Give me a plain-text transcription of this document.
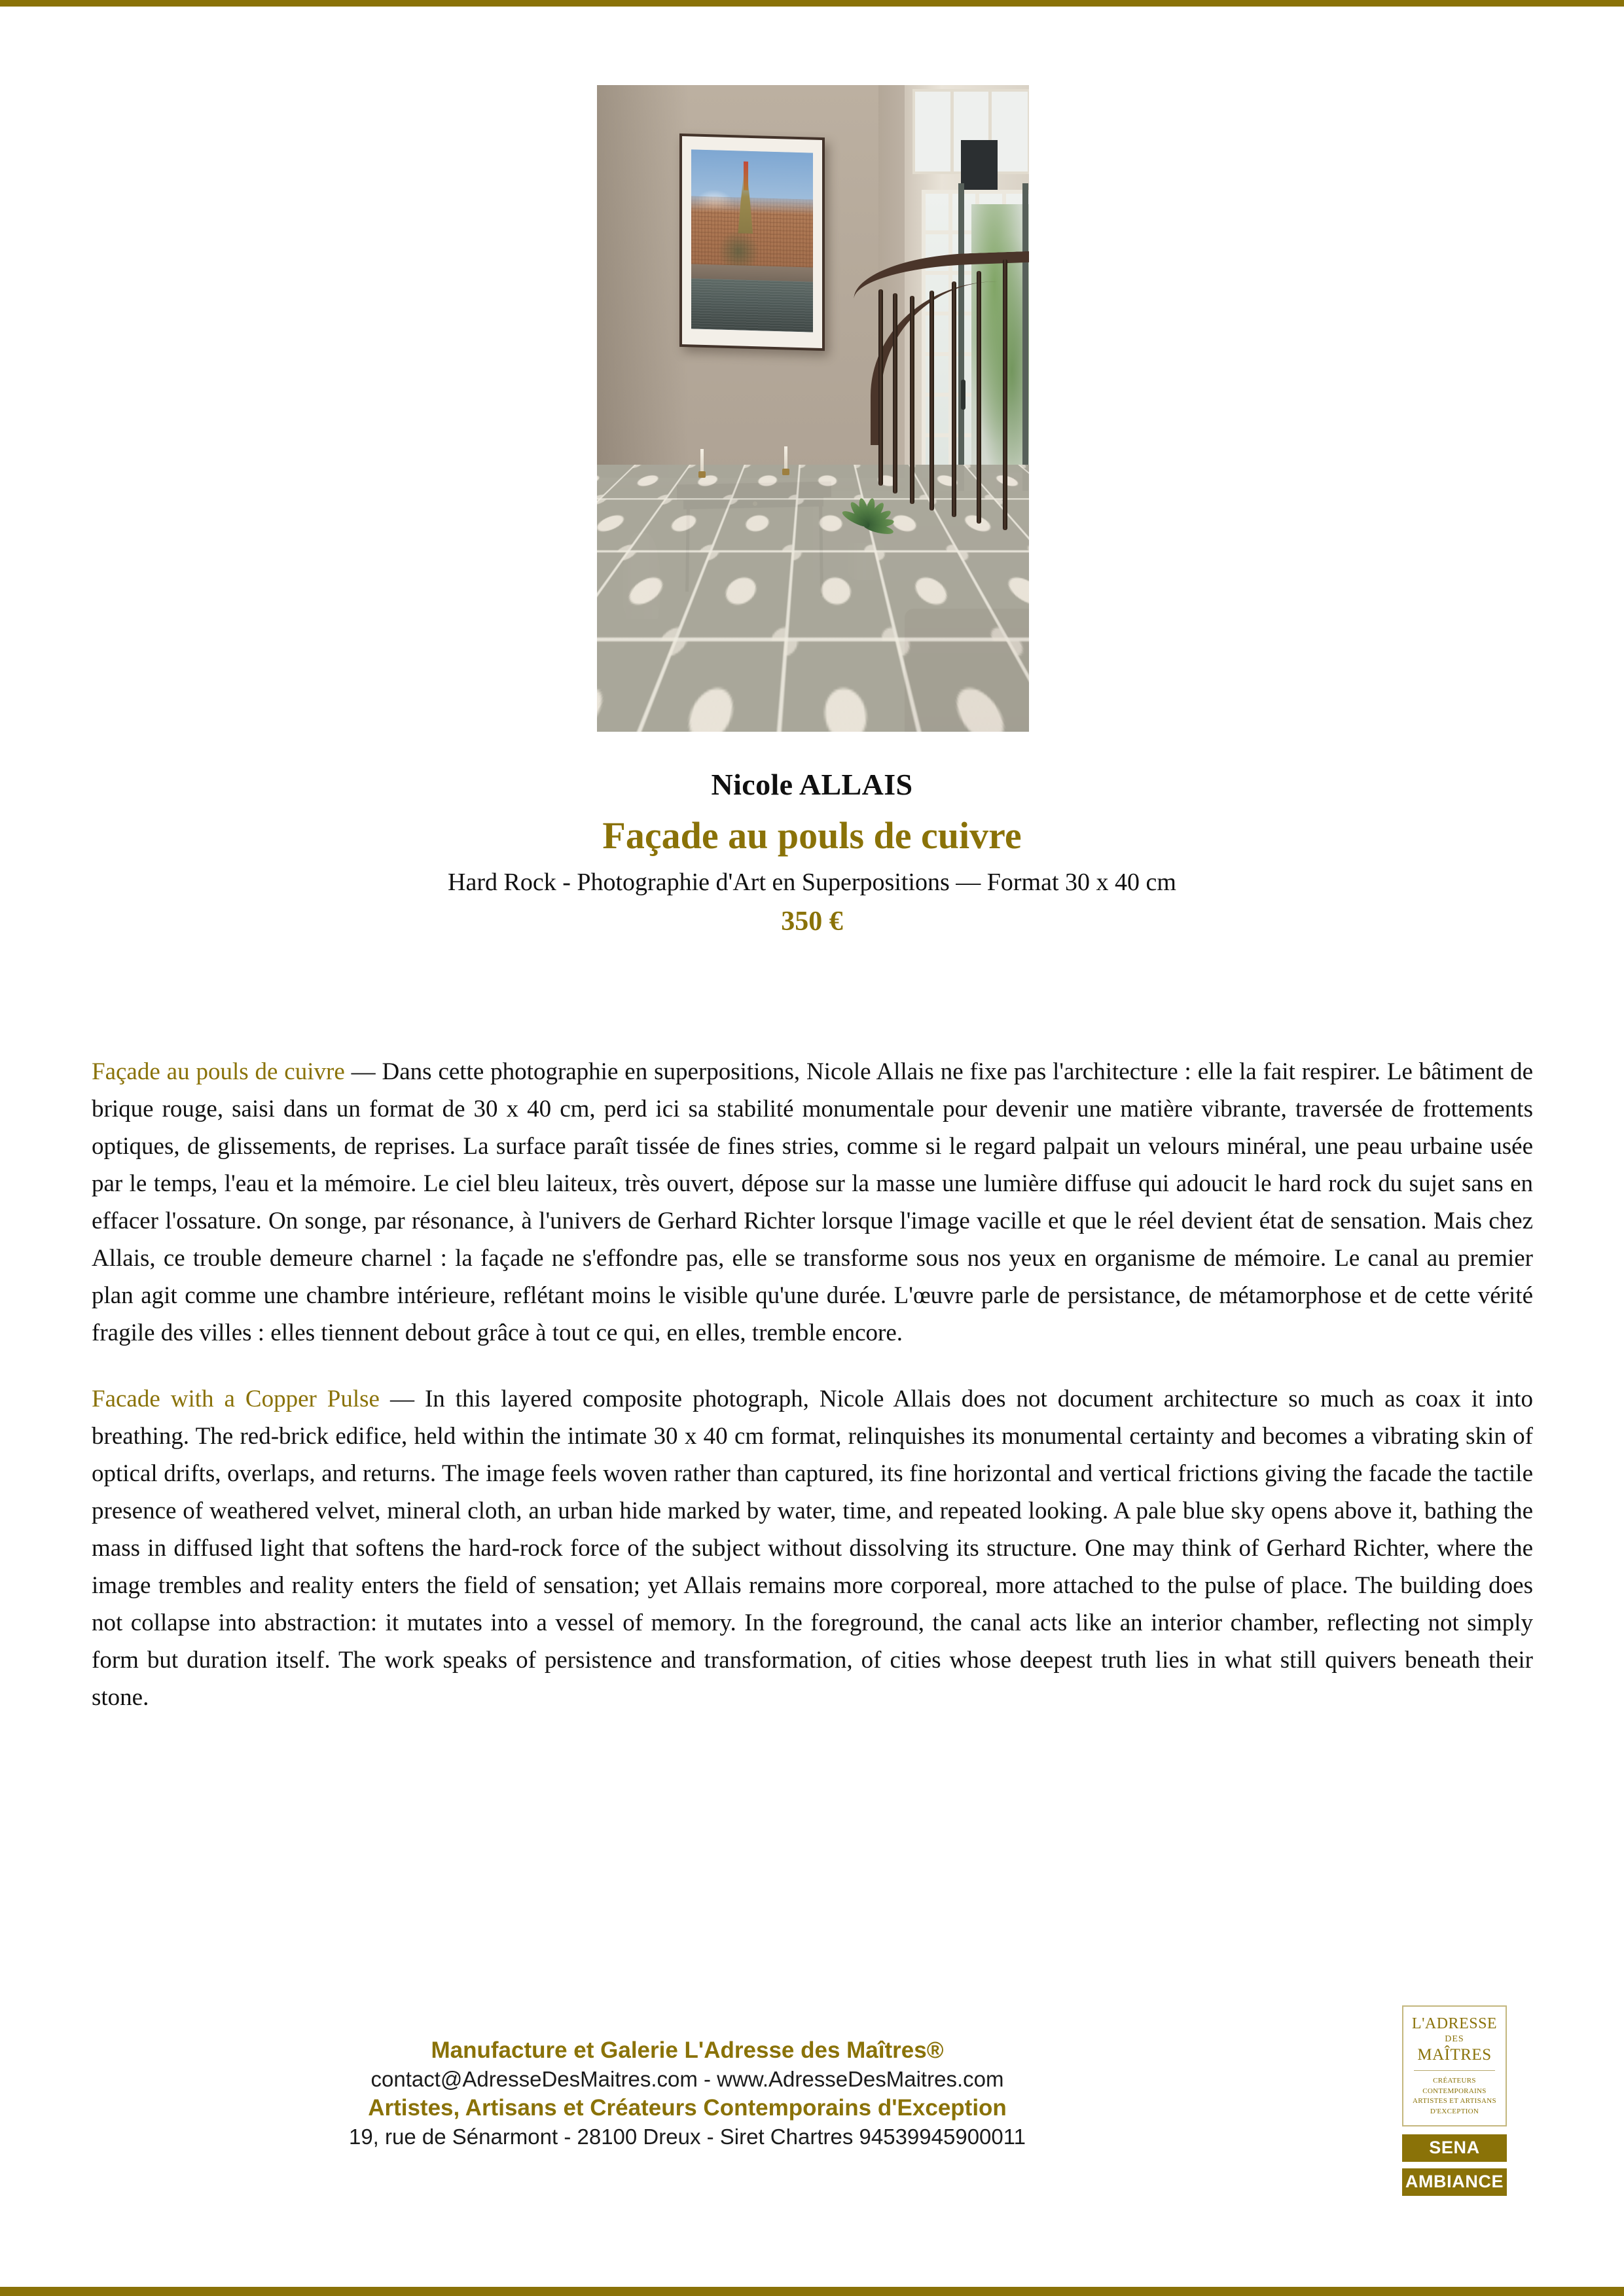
Nicole ALLAIS
Façade au pouls de cuivre
Hard Rock - Photographie d'Art en Superpositions — Format 30 x 40 cm
350 €

Façade au pouls de cuivre — Dans cette photographie en superpositions, Nicole Allais ne fixe pas l'architecture : elle la fait respirer. Le bâtiment de brique rouge, saisi dans un format de 30 x 40 cm, perd ici sa stabilité monumentale pour devenir une matière vibrante, traversée de frottements optiques, de glissements, de reprises. La surface paraît tissée de fines stries, comme si le regard palpait un velours minéral, une peau urbaine usée par le temps, l'eau et la mémoire. Le ciel bleu laiteux, très ouvert, dépose sur la masse une lumière diffuse qui adoucit le hard rock du sujet sans en effacer l'ossature. On songe, par résonance, à l'univers de Gerhard Richter lorsque l'image vacille et que le réel devient état de sensation. Mais chez Allais, ce trouble demeure charnel : la façade ne s'effondre pas, elle se transforme sous nos yeux en organisme de mémoire. Le canal au premier plan agit comme une chambre intérieure, reflétant moins le visible qu'une durée. L'œuvre parle de persistance, de métamorphose et de cette vérité fragile des villes : elles tiennent debout grâce à tout ce qui, en elles, tremble encore.

Facade with a Copper Pulse — In this layered composite photograph, Nicole Allais does not document architecture so much as coax it into breathing. The red-brick edifice, held within the intimate 30 x 40 cm format, relinquishes its monumental certainty and becomes a vibrating skin of optical drifts, overlaps, and returns. The image feels woven rather than captured, its fine horizontal and vertical frictions giving the facade the tactile presence of weathered velvet, mineral cloth, an urban hide marked by water, time, and repeated looking. A pale blue sky opens above it, bathing the mass in diffused light that softens the hard-rock force of the subject without dissolving its structure. One may think of Gerhard Richter, where the image trembles and reality enters the field of sensation; yet Allais remains more corporeal, more attached to the pulse of place. The building does not collapse into abstraction: it mutates into a vessel of memory. In the foreground, the canal acts like an interior chamber, reflecting not simply form but duration itself. The work speaks of persistence and transformation, of cities whose deepest truth lies in what still quivers beneath their stone.

Manufacture et Galerie L'Adresse des Maîtres®
contact@AdresseDesMaitres.com - www.AdresseDesMaitres.com
Artistes, Artisans et Créateurs Contemporains d'Exception
19, rue de Sénarmont - 28100 Dreux - Siret Chartres 94539945900011
L'ADRESSE
DES
MAÎTRES
CRÉATEURS CONTEMPORAINS
ARTISTES ET ARTISANS
D'EXCEPTION
SENA
AMBIANCE
